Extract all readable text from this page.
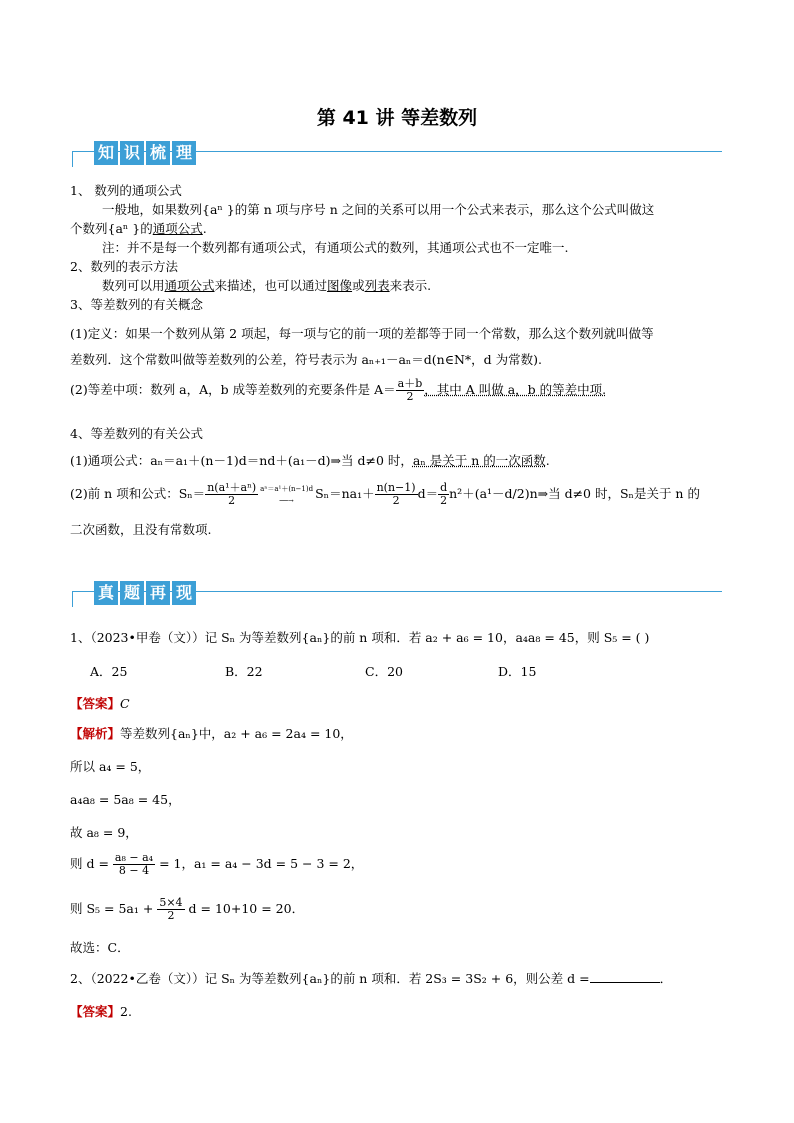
第 41 讲 等差数列
知 识 梳 理
1、 数列的通项公式
一般地，如果数列{aⁿ }的第 n 项与序号 n 之间的关系可以用一个公式来表示，那么这个公式叫做这
个数列{aⁿ }的通项公式.
注：并不是每一个数列都有通项公式，有通项公式的数列，其通项公式也不一定唯一.
2、数列的表示方法
数列可以用通项公式来描述，也可以通过图像或列表来表示.
3、等差数列的有关概念
(1)定义：如果一个数列从第 2 项起，每一项与它的前一项的差都等于同一个常数，那么这个数列就叫做等
差数列．这个常数叫做等差数列的公差，符号表示为 aₙ₊₁－aₙ＝d(n∈N*，d 为常数).
(2)等差中项：数列 a，A，b 成等差数列的充要条件是 $A= \frac{a+b}{2}$ ，其中 A 叫做 a，b 的等差中项.
4、等差数列的有关公式
(1)通项公式：aₙ＝a₁＋(n－1)d＝nd＋(a₁－d)⇒当 d≠0 时，aₙ 是关于 n 的一次函数.
(2)前 n 项和公式：$S_n= \frac{\text{n(a¹＋aⁿ)}}{2} a^n=a^1+(n-1)d$
──→	$S_n=na_1+ \frac{n(n-1)}{2} d= \frac{d}{2}$ n²＋(a¹－d/2)n⇒当 d≠0 时，Sₙ是关于 n 的
二次函数，且没有常数项.
真 题 再 现
1、（2023•甲卷（文））记 Sₙ 为等差数列{aₙ}的前 n 项和．若 a₂ + a₆ = 10，a₄a₈ = 45，则 S₅ = ( )
A．25	B．22	C．20	D．15
【答案】C
【解析】等差数列{aₙ}中，a₂ + a₆ = 2a₄ = 10，
所以 a₄ = 5，
a₄a₈ = 5a₈ = 45，
故 a₈ = 9，
则 $d = \frac{\text{a₈ − a₄}}{8 - 4} = 1$，a₁ = a₄ − 3d = 5 − 3 = 2，
则 $S_5 = 5a_1 + \frac{5\times 4}{2}$ d = 10+10 = 20．
故选：C．
2、（2022•乙卷（文））记 Sₙ 为等差数列{aₙ}的前 n 项和．若 2S₃ = 3S₂ + 6，则公差 d =	．
【答案】2.
